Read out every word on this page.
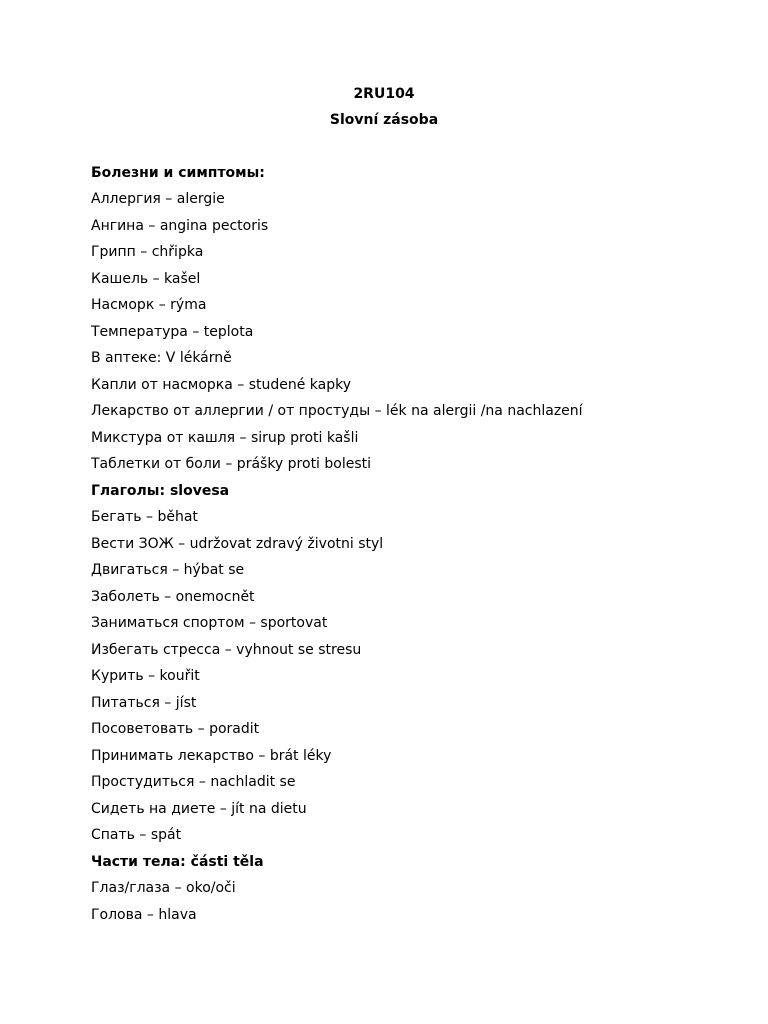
2RU104
Slovní zásoba
Болезни и симптомы:
Аллергия – alergie
Ангина – angina pectoris
Грипп – chřipka
Кашель – kašel
Насморк – rýma
Температура – teplota
В аптеке: V lékárně
Капли от насморка – studené kapky
Лекарство от аллергии / от простуды – lék na alergii /na nachlazení
Микстура от кашля – sirup proti kašli
Таблетки от боли – prášky proti bolesti
Глаголы: slovesa
Бегать – běhat
Вести ЗОЖ – udržovat zdravý životni styl
Двигаться – hýbat se
Заболеть – onemocnět
Заниматься спортом – sportovat
Избегать стресса – vyhnout se stresu
Курить – kouřit
Питаться – jíst
Посоветовать – poradit
Принимать лекарство – brát léky
Простудиться – nachladit se
Сидеть на диете – jít na dietu
Спать – spát
Части тела: části těla
Глаз/глаза – oko/oči
Голова – hlava
